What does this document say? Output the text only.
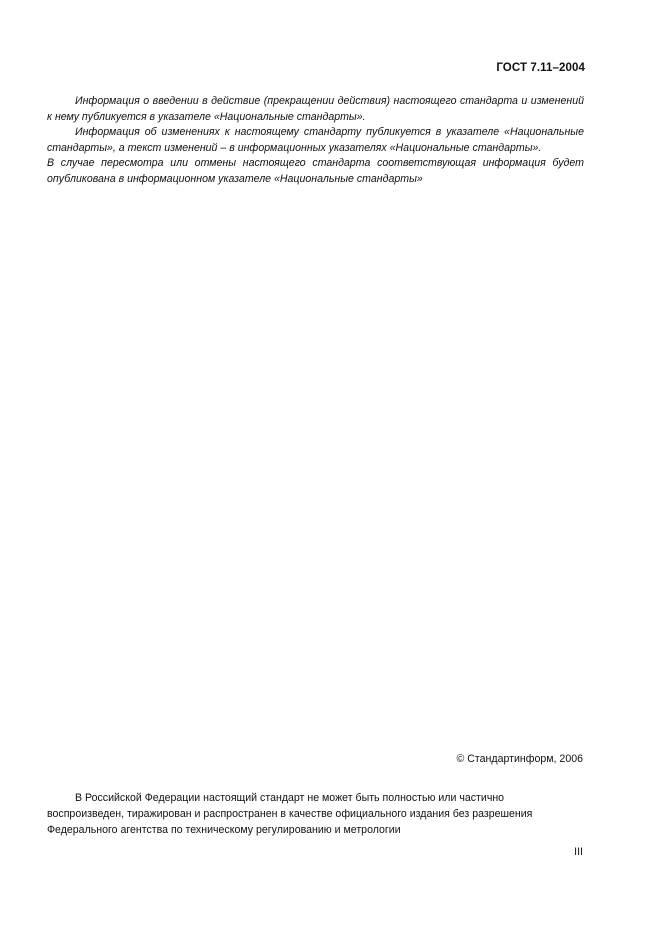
ГОСТ 7.11–2004

Информация о введении в действие (прекращении действия) настоящего стандарта и изменений к нему публикуется в указателе «Национальные стандарты».

Информация об изменениях к настоящему стандарту публикуется в указателе «Национальные стандарты», а текст изменений – в информационных указателях «Национальные стандарты».

В случае пересмотра или отмены настоящего стандарта соответствующая информация будет опубликована в информационном указателе «Национальные стандарты»

© Стандартинформ, 2006

В Российской Федерации настоящий стандарт не может быть полностью или частично воспроизведен, тиражирован и распространен в качестве официального издания без разрешения Федерального агентства по техническому регулированию и метрологии

III
